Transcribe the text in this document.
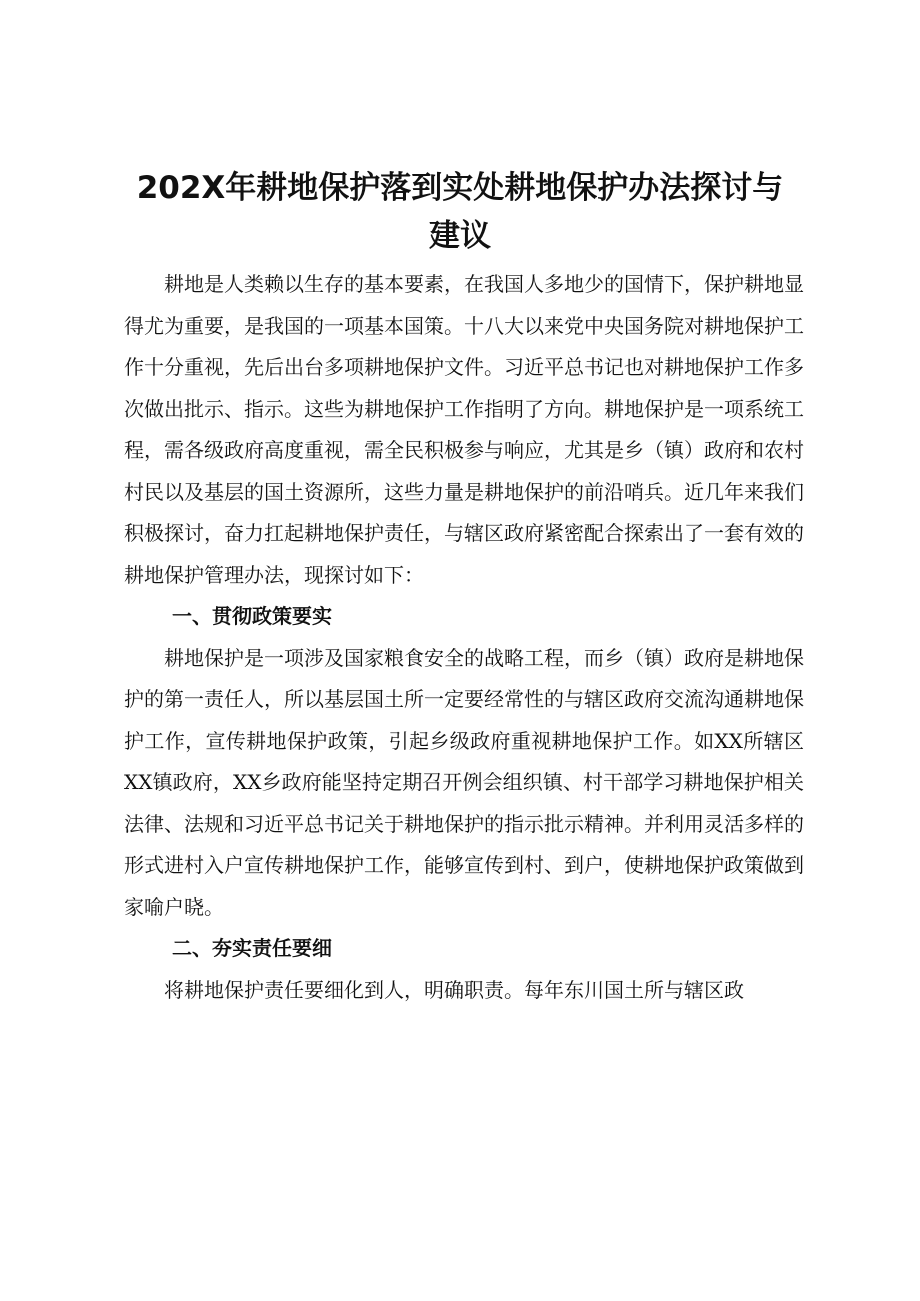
202X年耕地保护落到实处耕地保护办法探讨与
建议

耕地是人类赖以生存的基本要素，在我国人多地少的国情下，保护耕地显得尤为重要，是我国的一项基本国策。十八大以来党中央国务院对耕地保护工作十分重视，先后出台多项耕地保护文件。习近平总书记也对耕地保护工作多次做出批示、指示。这些为耕地保护工作指明了方向。耕地保护是一项系统工程，需各级政府高度重视，需全民积极参与响应，尤其是乡（镇）政府和农村村民以及基层的国土资源所，这些力量是耕地保护的前沿哨兵。近几年来我们积极探讨，奋力扛起耕地保护责任，与辖区政府紧密配合探索出了一套有效的耕地保护管理办法，现探讨如下：

一、贯彻政策要实

耕地保护是一项涉及国家粮食安全的战略工程，而乡（镇）政府是耕地保护的第一责任人，所以基层国土所一定要经常性的与辖区政府交流沟通耕地保护工作，宣传耕地保护政策，引起乡级政府重视耕地保护工作。如XX所辖区XX镇政府，XX乡政府能坚持定期召开例会组织镇、村干部学习耕地保护相关法律、法规和习近平总书记关于耕地保护的指示批示精神。并利用灵活多样的形式进村入户宣传耕地保护工作，能够宣传到村、到户，使耕地保护政策做到家喻户晓。

二、夯实责任要细

将耕地保护责任要细化到人，明确职责。每年东川国土所与辖区政
